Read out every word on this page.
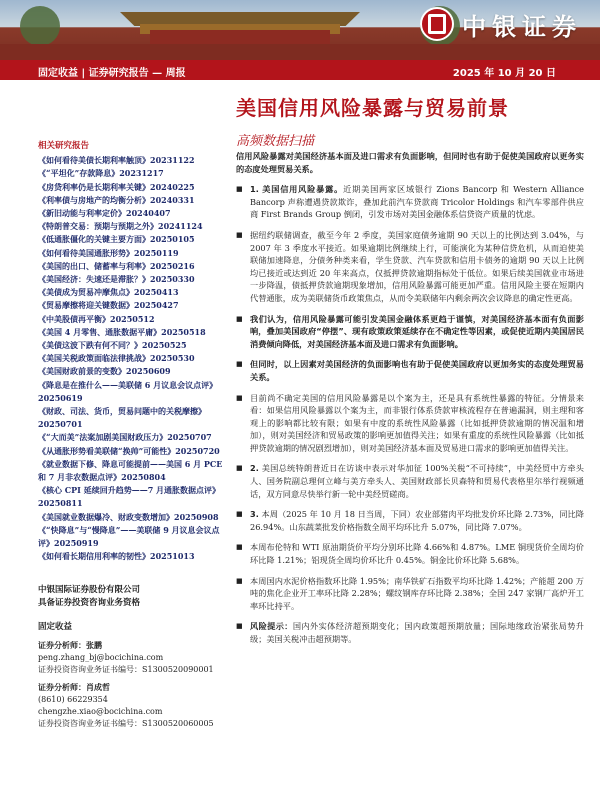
中银证券
固定收益 | 证券研究报告 — 周报	2025 年 10 月 20 日
美国信用风险暴露与贸易前景
高频数据扫描
相关研究报告
《如何看待美债长期利率触顶》20231122
《“平坦化”存款降息》20231217
《房贷利率仍是长期利率关键》20240225
《利率债与房地产的均衡分析》20240331
《新旧动能与利率定价》20240407
《特朗普交易：预期与预期之外》20241124
《低通胀僵化的关键主要方面》20250105
《如何看待美国通胀形势》20250119
《美国的出口、储蓄率与利率》20250216
《美国经济：失速还是滞胀？》20250330
《美债成为贸易冲摩焦点》20250413
《贸易摩擦将迎关键数据》20250427
《中美股债再平衡》20250512
《美国 4 月零售、通胀数据平庸》20250518
《美债这波下跌有何不同？》20250525
《美国关税政策面临法律挑战》20250530
《美国财政前景的变数》20250609
《降息是在推什么——美联储 6 月议息会议点评》20250619
《财政、司法、货币，贸易问题中的关税摩擦》20250701
《“大而美”法案加剧美国财政压力》20250707
《从通胀形势看美联储“换帅”可能性》20250720
《就业数据下修、降息可能提前——美国 6 月 PCE 和 7 月非农数据点评》20250804
《核心 CPI 延续回升趋势——7 月通胀数据点评》20250811
《美国就业数据爆冷、财政变数增加》20250908
《“快降息”与“慢降息”——美联储 9 月议息会议点评》20250919
《如何看长期信用利率的韧性》20251013
中银国际证券股份有限公司
具备证券投资咨询业务资格
固定收益
证券分析师：张鹏
peng.zhang_bj@bocichina.com
证券投资咨询业务证书编号：S1300520090001
证券分析师：肖成哲
(8610) 66229354
chengzhe.xiao@bocichina.com
证券投资咨询业务证书编号：S1300520060005

信用风险暴露对美国经济基本面及进口需求有负面影响，但同时也有助于促使美国政府以更务实的态度处理贸易关系。

■ 1. 美国信用风险暴露。近期美国两家区域银行 Zions Bancorp 和 Western Alliance Bancorp 声称遭遇贷款欺诈，叠加此前汽车贷款商 Tricolor Holdings 和汽车零部件供应商 First Brands Group 倒闭，引发市场对美国金融体系信贷资产质量的忧虑。

■ 据纽约联储调查，截至今年 2 季度，美国家庭债务逾期 90 天以上的比例达到 3.04%，与 2007 年 3 季度水平接近。如果逾期比例继续上行，可能演化为某种信贷危机，从而迫使美联储加速降息，分债务种类来看，学生贷款、汽车贷款和信用卡债务的逾期 90 天以上比例均已接近或达到近 20 年来高点，仅抵押贷款逾期指标处于低位。如果后续美国就业市场进一步降温，债抵押贷款逾期现象增加，信用风险暴露可能更加严重。信用风险主要在短期内代替通胀，成为美联储货币政策焦点，从而令美联储年内剩余两次会议降息的确定性更高。

■ 我们认为，信用风险暴露可能引发美国金融体系更趋于谨慎，对美国经济基本面有负面影响，叠加美国政府“停摆”、现有政策政策延续存在不确定性等因素，或促使近期内美国居民消费倾向降低，对美国经济基本面及进口需求有负面影响。

■ 但同时，以上因素对美国经济的负面影响也有助于促使美国政府以更加务实的态度处理贸易关系。

■ 目前尚不确定美国的信用风险暴露是以个案为主，还是具有系统性暴露的特征。分情景来看：如果信用风险暴露以个案为主，而非银行体系贷款审核流程存在普遍漏洞，则主理和客观上的影响都比较有限；如果有中度的系统性风险暴露（比如抵押贷款逾期的情况温和增加），则对美国经济和贸易政策的影响更加值得关注；如果有重度的系统性风险暴露（比如抵押贷款逾期的情况剧烈增加），则对美国经济基本面及贸易进口需求的影响更加值得关注。

■ 2. 美国总统特朗普近日在访谈中表示对华加征 100%关税“不可持续”，中美经贸中方牵头人、国务院副总理何立峰与美方牵头人、美国财政部长贝森特和贸易代表格里尔举行视频通话，双方同意尽快举行新一轮中美经贸磋商。

■ 3. 本周（2025 年 10 月 18 日当周，下同）农业部猪肉平均批发价环比降 2.73%，同比降 26.94%。山东蔬菜批发价格指数全周平均环比升 5.07%，同比降 7.07%。

■ 本周布伦特和 WTI 原油期货价平均分别环比降 4.66%和 4.87%。LME 铜现货价全周均价环比降 1.21%；铝现货全周均价环比升 0.45%。铜金比价环比降 5.68%。

■ 本周国内水泥价格指数环比降 1.95%；南华铁矿石指数平均环比降 1.42%；产能超 200 万吨的焦化企业开工率环比降 2.28%；螺纹钢库存环比降 2.38%；全国 247 家钢厂高炉开工率环比持平。

■ 风险提示：国内外实体经济超预期变化；国内政策超预期放量；国际地缘政治紧张局势升级；美国关税冲击超预期等。
